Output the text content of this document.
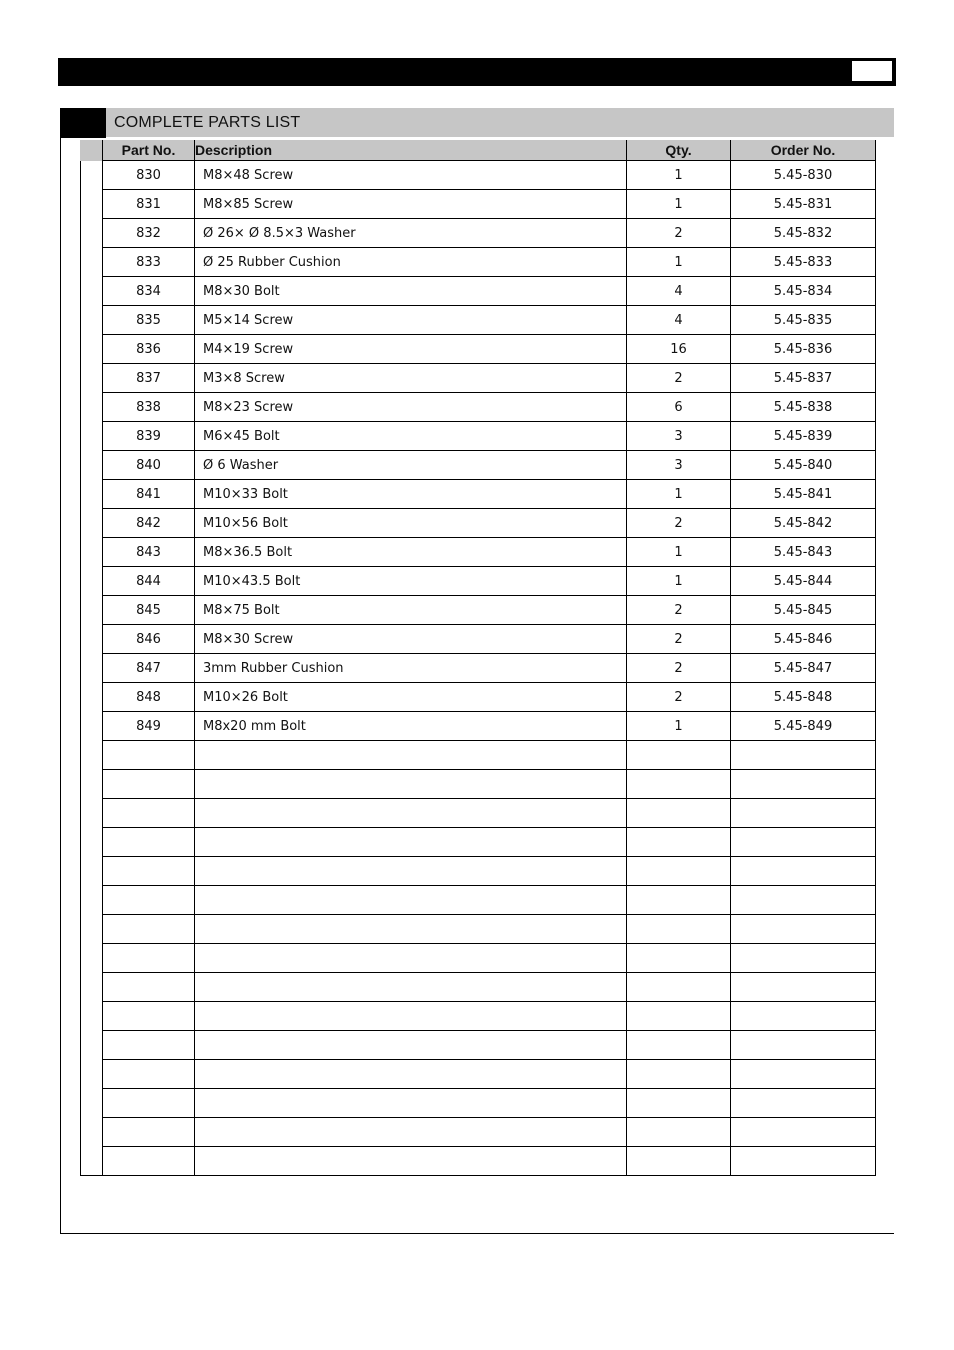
COMPLETE PARTS LIST
Part No.	Description	Qty.	Order No.
830	M8×48 Screw	1	5.45-830
831	M8×85 Screw	1	5.45-831
832	Ø 26× Ø 8.5×3 Washer	2	5.45-832
833	Ø 25 Rubber Cushion	1	5.45-833
834	M8×30 Bolt	4	5.45-834
835	M5×14 Screw	4	5.45-835
836	M4×19 Screw	16	5.45-836
837	M3×8 Screw	2	5.45-837
838	M8×23 Screw	6	5.45-838
839	M6×45 Bolt	3	5.45-839
840	Ø 6 Washer	3	5.45-840
841	M10×33 Bolt	1	5.45-841
842	M10×56 Bolt	2	5.45-842
843	M8×36.5 Bolt	1	5.45-843
844	M10×43.5 Bolt	1	5.45-844
845	M8×75 Bolt	2	5.45-845
846	M8×30 Screw	2	5.45-846
847	3mm Rubber Cushion	2	5.45-847
848	M10×26 Bolt	2	5.45-848
849	M8x20 mm Bolt	1	5.45-849
